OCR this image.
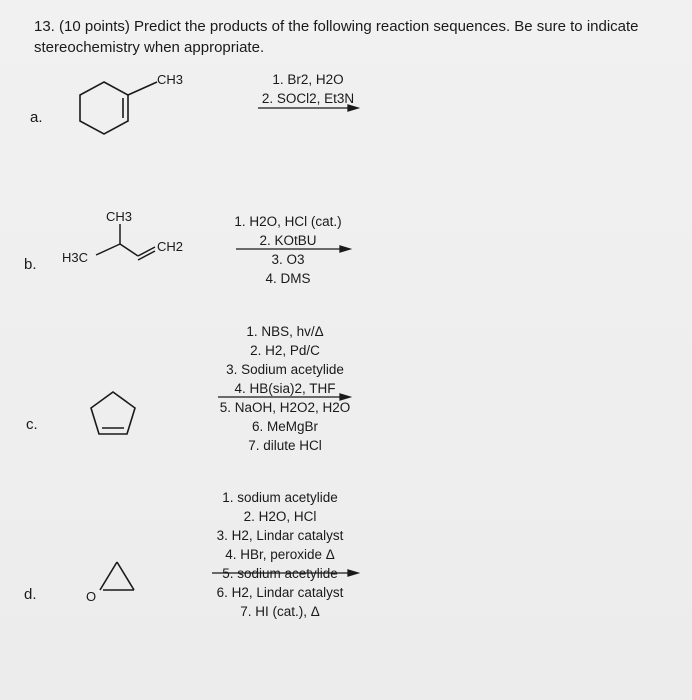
13. (10 points) Predict the products of the following reaction sequences. Be sure to indicate
stereochemistry when appropriate.
a.
CH3	1. Br2, H2O
2. SOCl2, Et3N
b. H3C
CH3
CH2
1. H2O, HCl (cat.)
2. KOtBU
3. O3
4. DMS
c.
1. NBS, hv/Δ
2. H2, Pd/C
3. Sodium acetylide
4. HB(sia)2, THF
5. NaOH, H2O2, H2O
6. MeMgBr
7. dilute HCl
d.	O
1. sodium acetylide
2. H2O, HCl
3. H2, Lindar catalyst
4. HBr, peroxide Δ
5. sodium acetylide
6. H2, Lindar catalyst
7. HI (cat.), Δ
